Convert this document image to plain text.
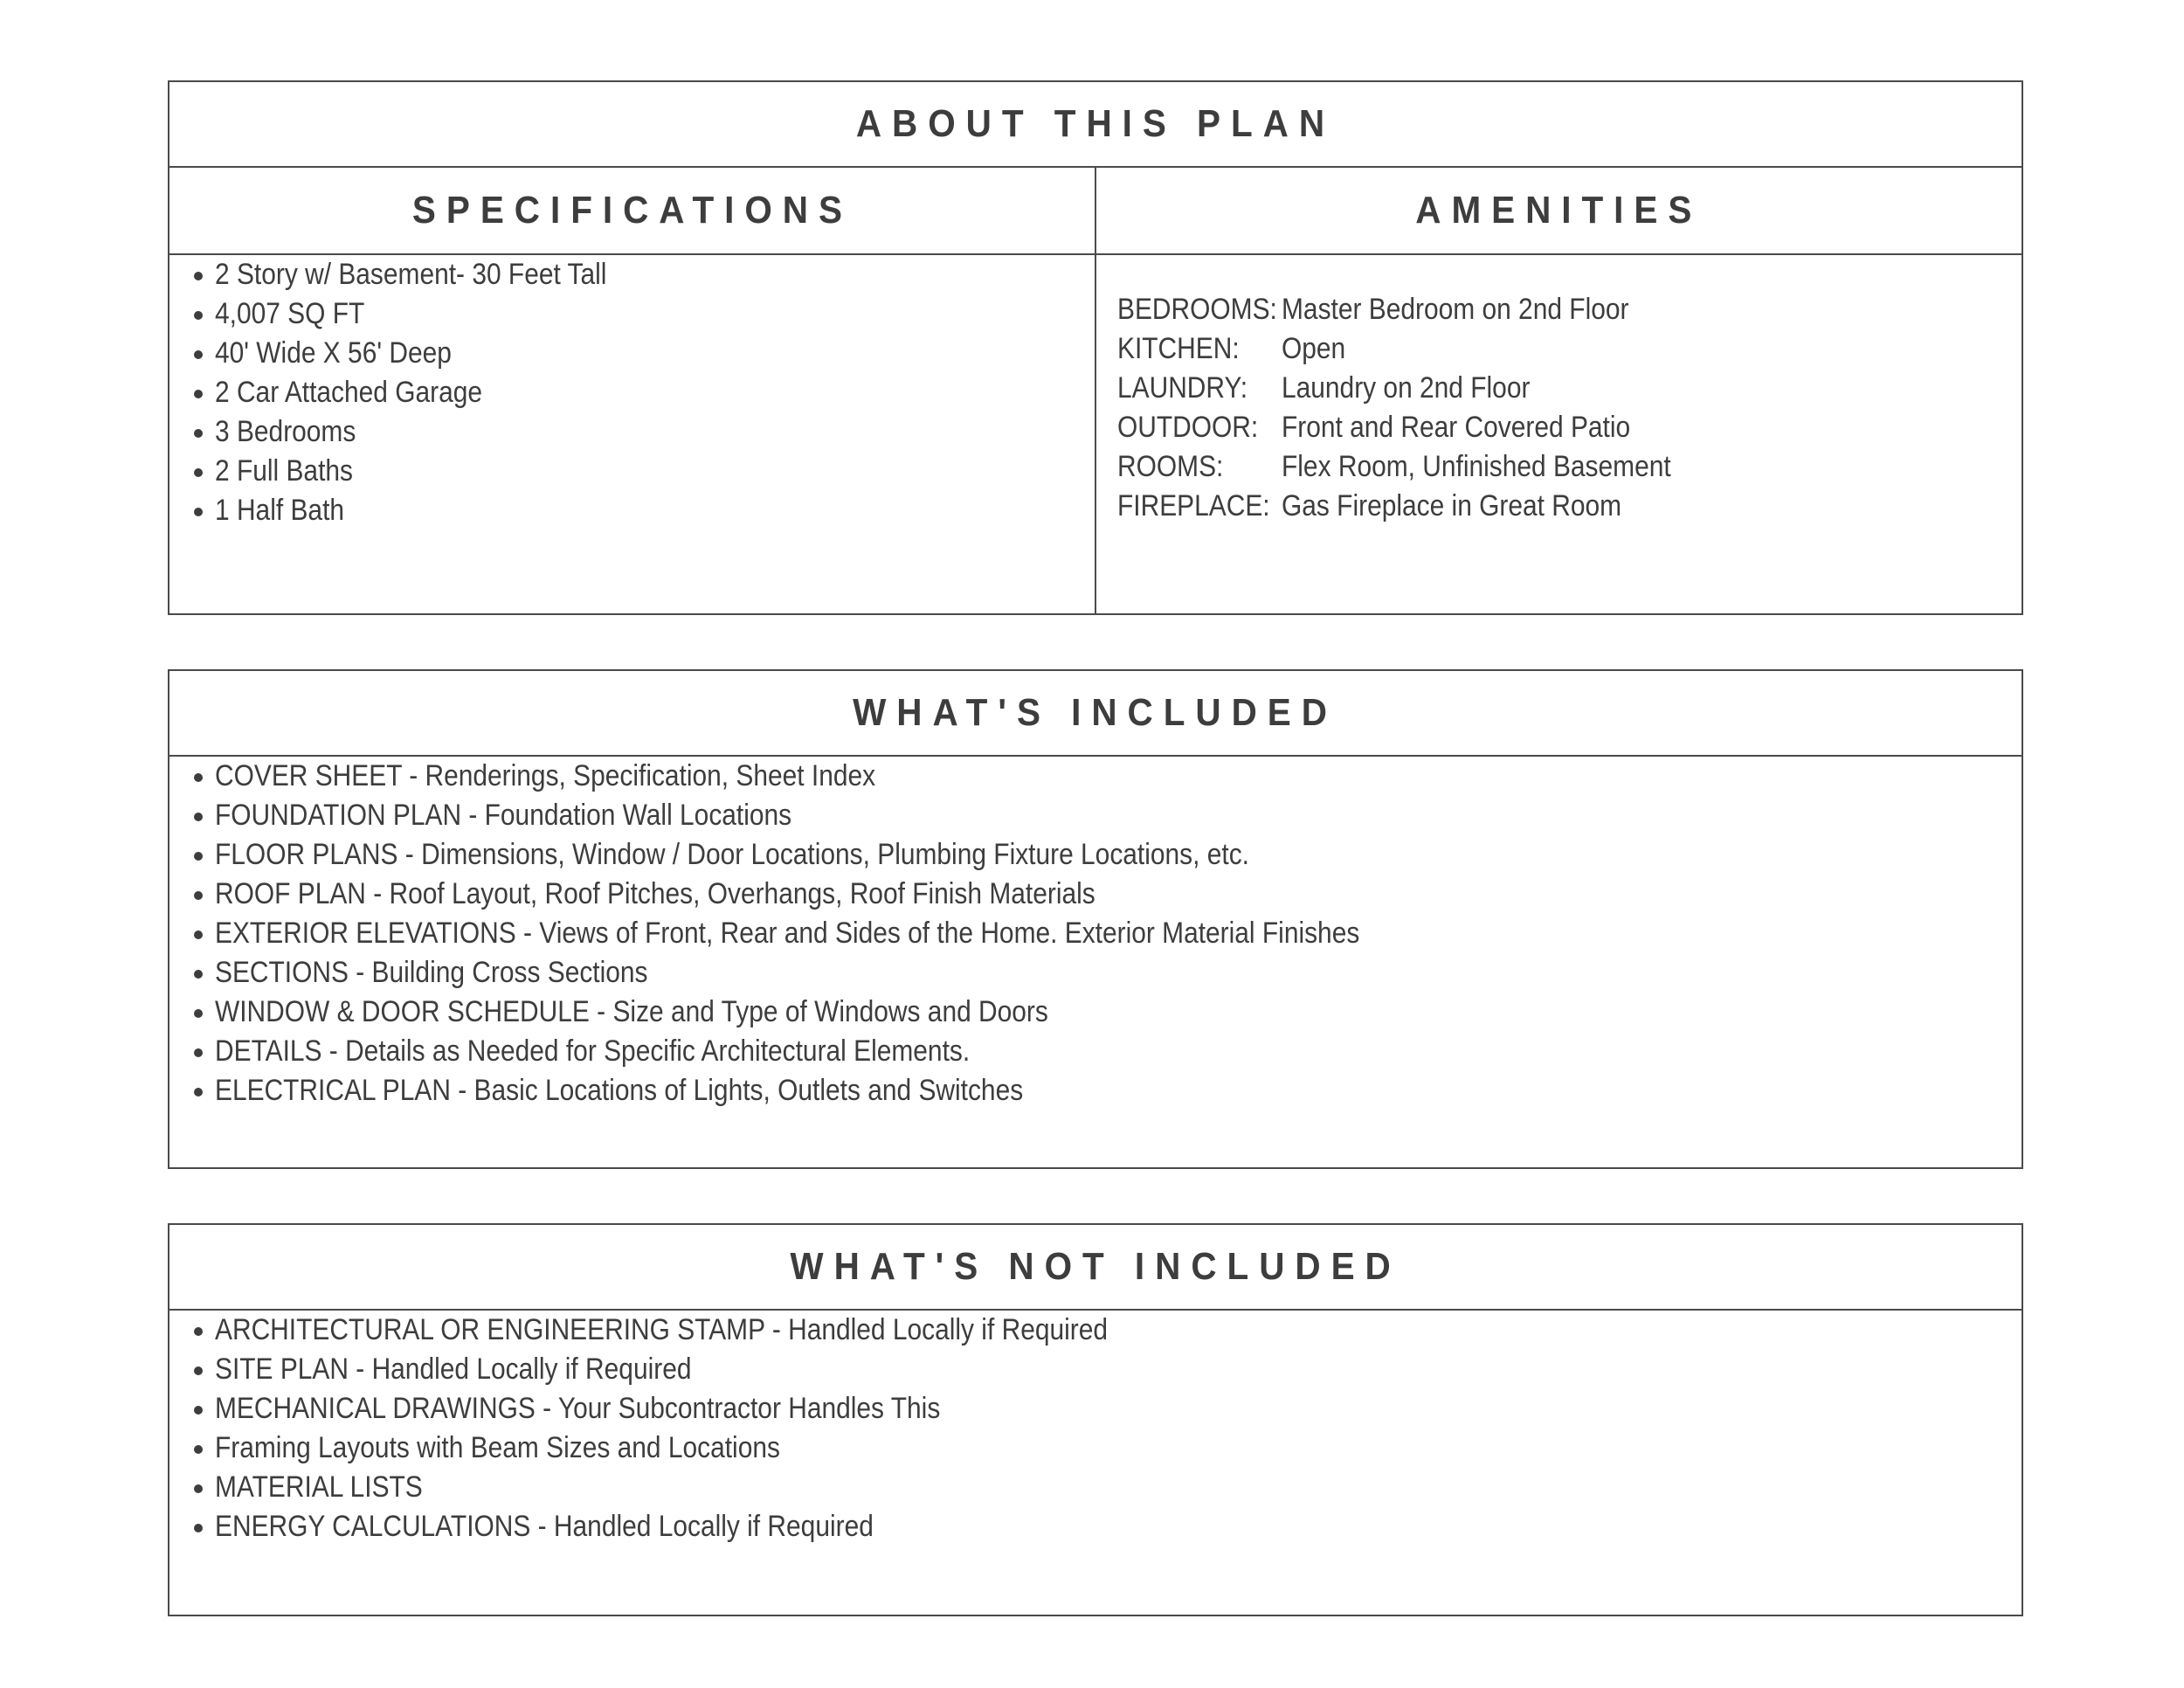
ABOUT THIS PLAN
SPECIFICATIONS	AMENITIES
2 Story w/ Basement- 30 Feet Tall
4,007 SQ FT
40' Wide X 56' Deep
2 Car Attached Garage
3 Bedrooms
2 Full Baths
1 Half Bath
BEDROOMS: Master Bedroom on 2nd Floor
KITCHEN:	Open
LAUNDRY:	Laundry on 2nd Floor
OUTDOOR: Front and Rear Covered Patio
ROOMS:	Flex Room, Unfinished Basement
FIREPLACE: Gas Fireplace in Great Room
WHAT'S INCLUDED
COVER SHEET - Renderings, Specification, Sheet Index
FOUNDATION PLAN - Foundation Wall Locations
FLOOR PLANS - Dimensions, Window / Door Locations, Plumbing Fixture Locations, etc.
ROOF PLAN - Roof Layout, Roof Pitches, Overhangs, Roof Finish Materials
EXTERIOR ELEVATIONS - Views of Front, Rear and Sides of the Home. Exterior Material Finishes
SECTIONS - Building Cross Sections
WINDOW & DOOR SCHEDULE - Size and Type of Windows and Doors
DETAILS - Details as Needed for Specific Architectural Elements.
ELECTRICAL PLAN - Basic Locations of Lights, Outlets and Switches
WHAT'S NOT INCLUDED
ARCHITECTURAL OR ENGINEERING STAMP - Handled Locally if Required
SITE PLAN - Handled Locally if Required
MECHANICAL DRAWINGS - Your Subcontractor Handles This
Framing Layouts with Beam Sizes and Locations
MATERIAL LISTS
ENERGY CALCULATIONS - Handled Locally if Required
